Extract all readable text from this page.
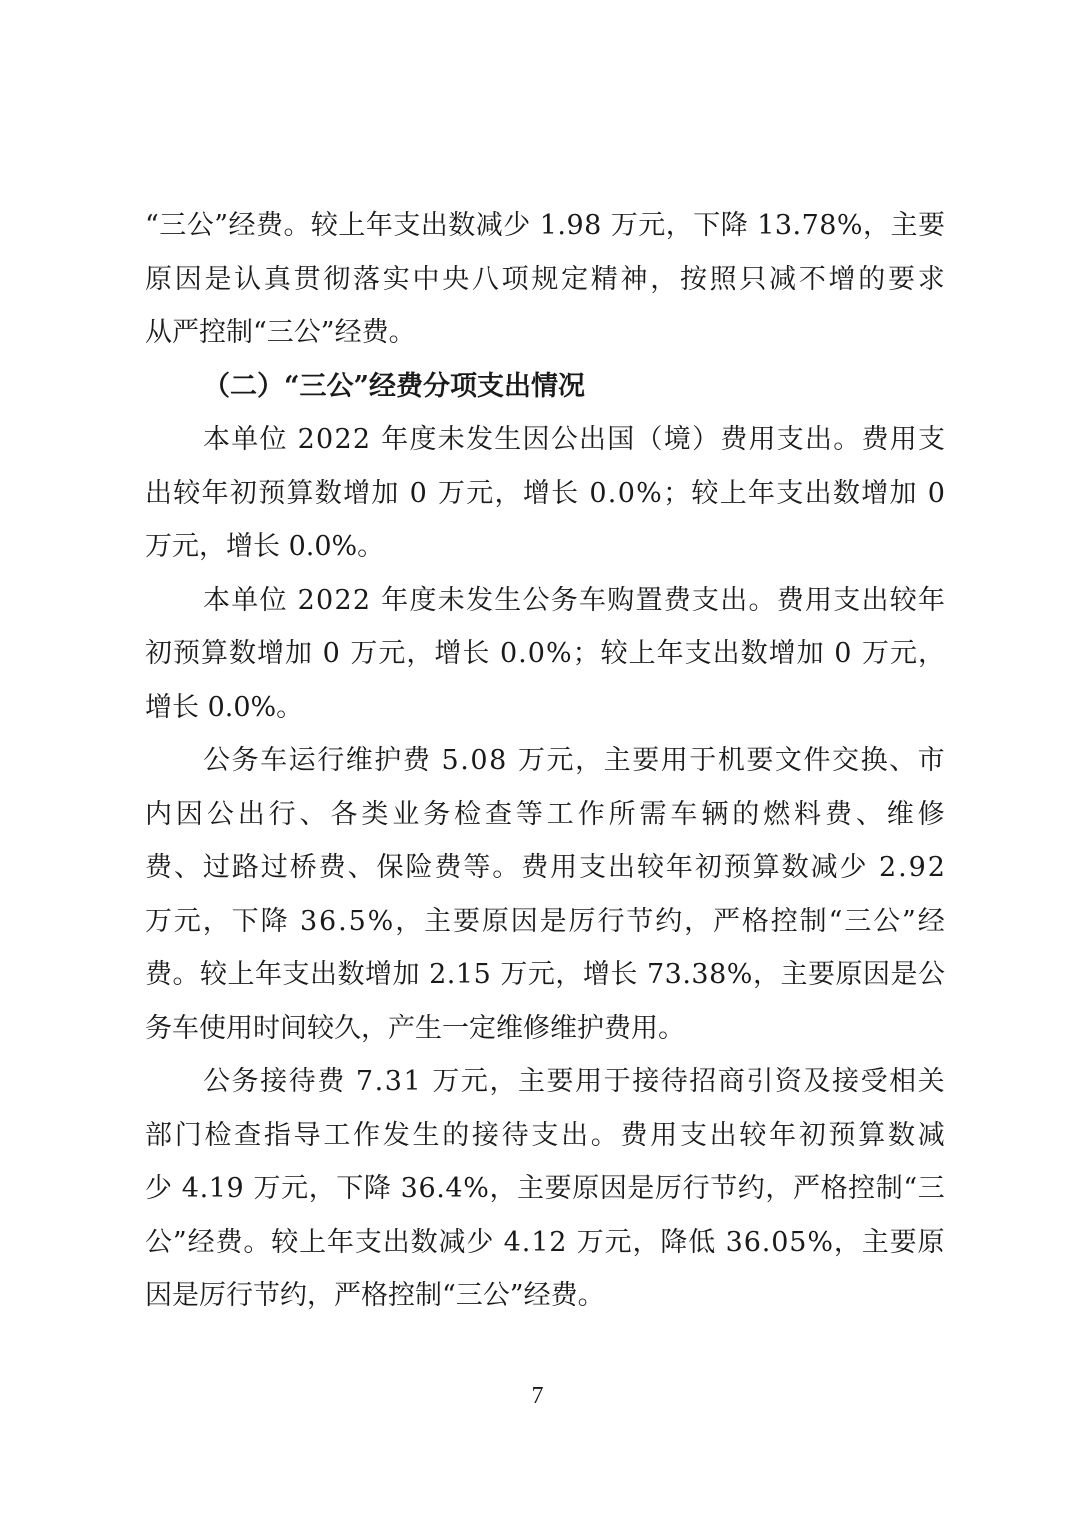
“ 三 公 ” 经 费 。 较 上 年 支 出 数 减 少
1 . 9 8
万 元 ， 下 降
1 3 . 7 8 % ， 主 要
原 因 是 认 真 贯 彻 落 实 中 央 八 项 规 定 精 神 ， 按 照 只 减 不 增 的 要 求
从严控制“三公”经费。
（二）“三公”经费分项支出情况
本 单 位
2 0 2 2
年 度 未 发 生 因 公 出 国 （ 境 ） 费 用 支 出 。 费 用 支
出 较 年 初 预 算 数 增 加
0
万 元 ， 增 长
0 . 0 % ； 较 上 年 支 出 数 增 加
0
万元，增长 0.0%。
本 单 位
2 0 2 2
年 度 未 发 生 公 务 车 购 置 费 支 出 。 费 用 支 出 较 年
初 预 算 数 增 加
0
万 元 ， 增 长
0 . 0 % ； 较 上 年 支 出 数 增 加
0
万 元 ，
增长 0.0%。
公 务 车 运 行 维 护 费
5 . 0 8
万 元 ， 主 要 用 于 机 要 文 件 交 换 、 市
内 因 公 出 行 、 各 类 业 务 检 查 等 工 作 所 需 车 辆 的 燃 料 费 、 维 修
费 、 过 路 过 桥 费 、 保 险 费 等 。 费 用 支 出 较 年 初 预 算 数 减 少
2 . 9 2
万 元 ， 下 降
3 6 . 5 % ， 主 要 原 因 是 厉 行 节 约 ， 严 格 控 制 “ 三 公 ” 经
费 。 较 上 年 支 出 数 增 加
2 . 1 5
万 元 ， 增 长
7 3 . 3 8 % ， 主 要 原 因 是 公
务车使用时间较久，产生一定维修维护费用。
公 务 接 待 费
7 . 3 1
万 元 ， 主 要 用 于 接 待 招 商 引 资 及 接 受 相 关
部 门 检 查 指 导 工 作 发 生 的 接 待 支 出 。 费 用 支 出 较 年 初 预 算 数 减
少
4 . 1 9
万 元 ， 下 降
3 6 . 4 % ， 主 要 原 因 是 厉 行 节 约 ， 严 格 控 制 “ 三
公 ” 经 费 。 较 上 年 支 出 数 减 少
4 . 1 2
万 元 ， 降 低
3 6 . 0 5 % ， 主 要 原
因是厉行节约，严格控制“三公”经费。
7
